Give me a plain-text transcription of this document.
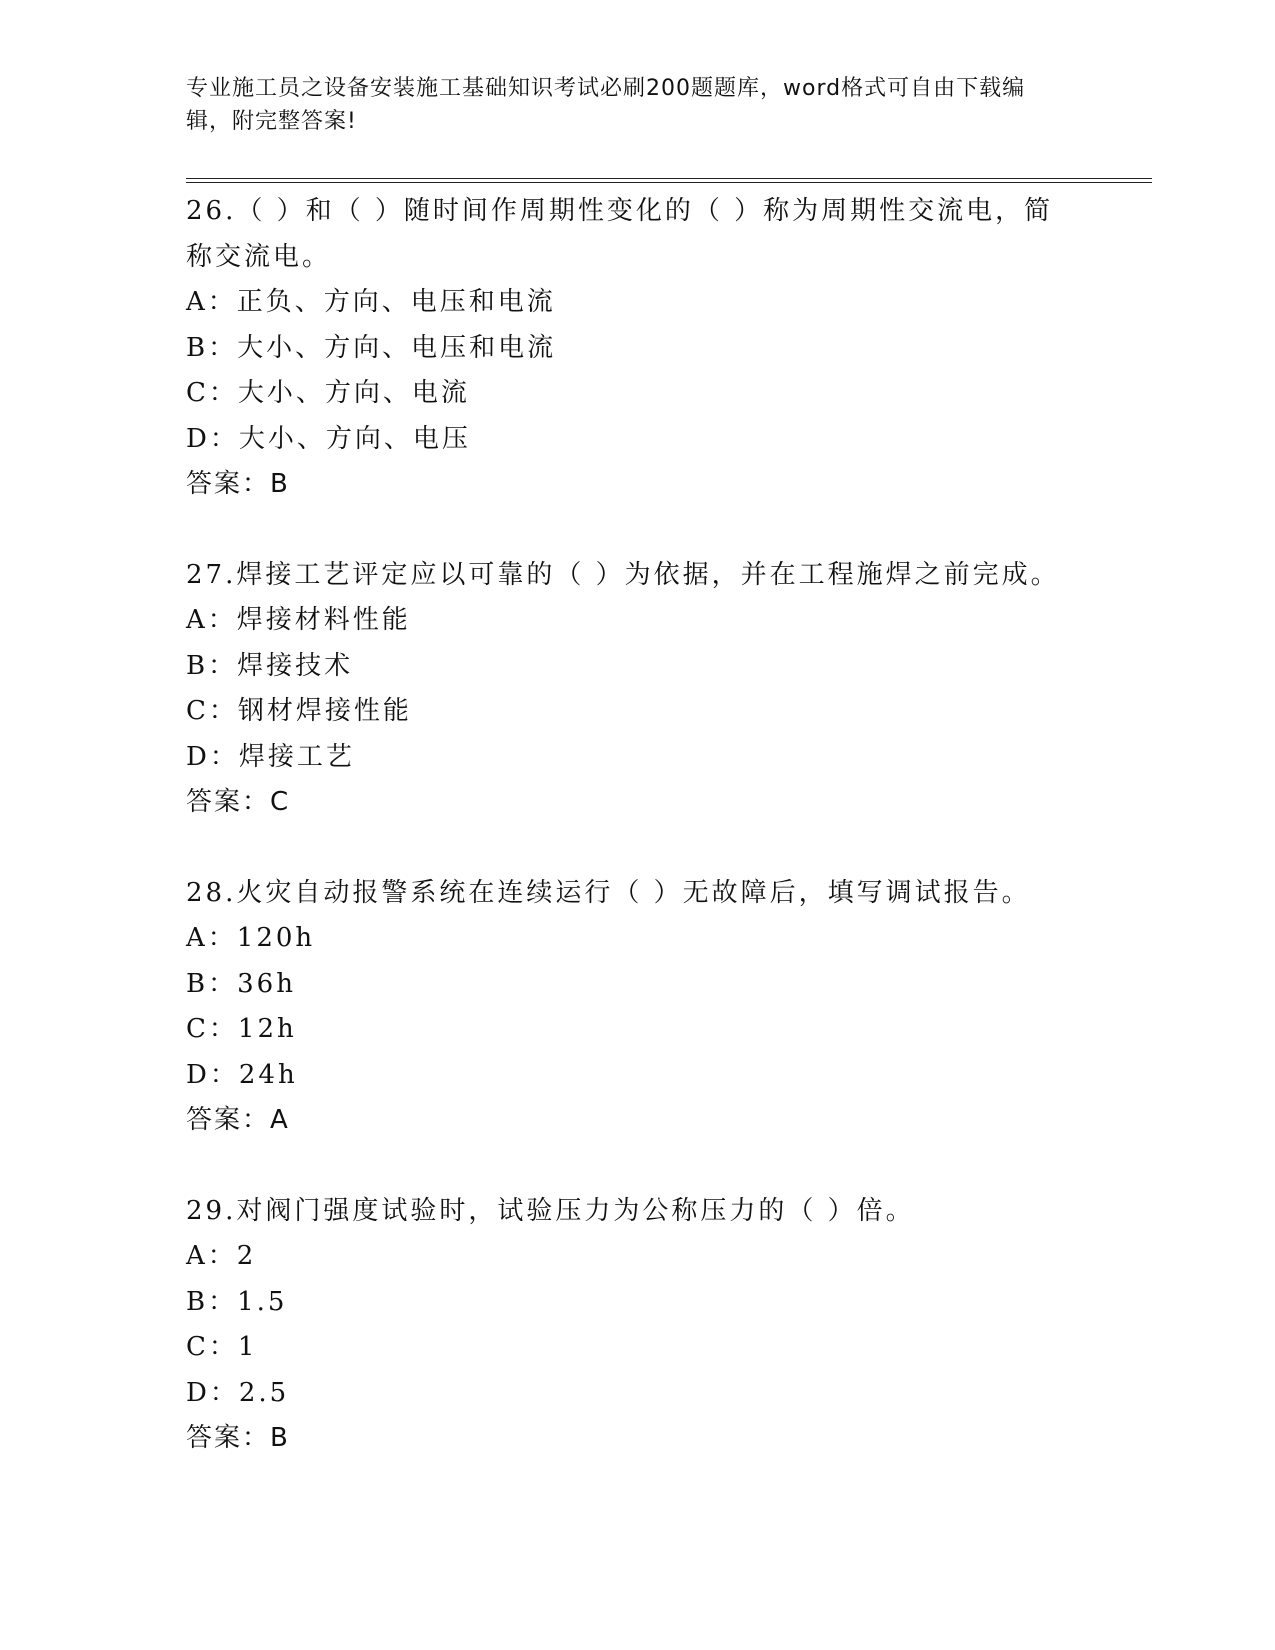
专业施工员之设备安装施工基础知识考试必刷200题题库，word格式可自由下载编辑，附完整答案!
26.（ ）和（ ）随时间作周期性变化的（ ）称为周期性交流电，简称交流电。
A：正负、方向、电压和电流
B：大小、方向、电压和电流
C：大小、方向、电流
D：大小、方向、电压
答案：B
27.焊接工艺评定应以可靠的（ ）为依据，并在工程施焊之前完成。
A：焊接材料性能
B：焊接技术
C：钢材焊接性能
D：焊接工艺
答案：C
28.火灾自动报警系统在连续运行（ ）无故障后，填写调试报告。
A：120h
B：36h
C：12h
D：24h
答案：A
29.对阀门强度试验时，试验压力为公称压力的（ ）倍。
A：2
B：1.5
C：1
D：2.5
答案：B
